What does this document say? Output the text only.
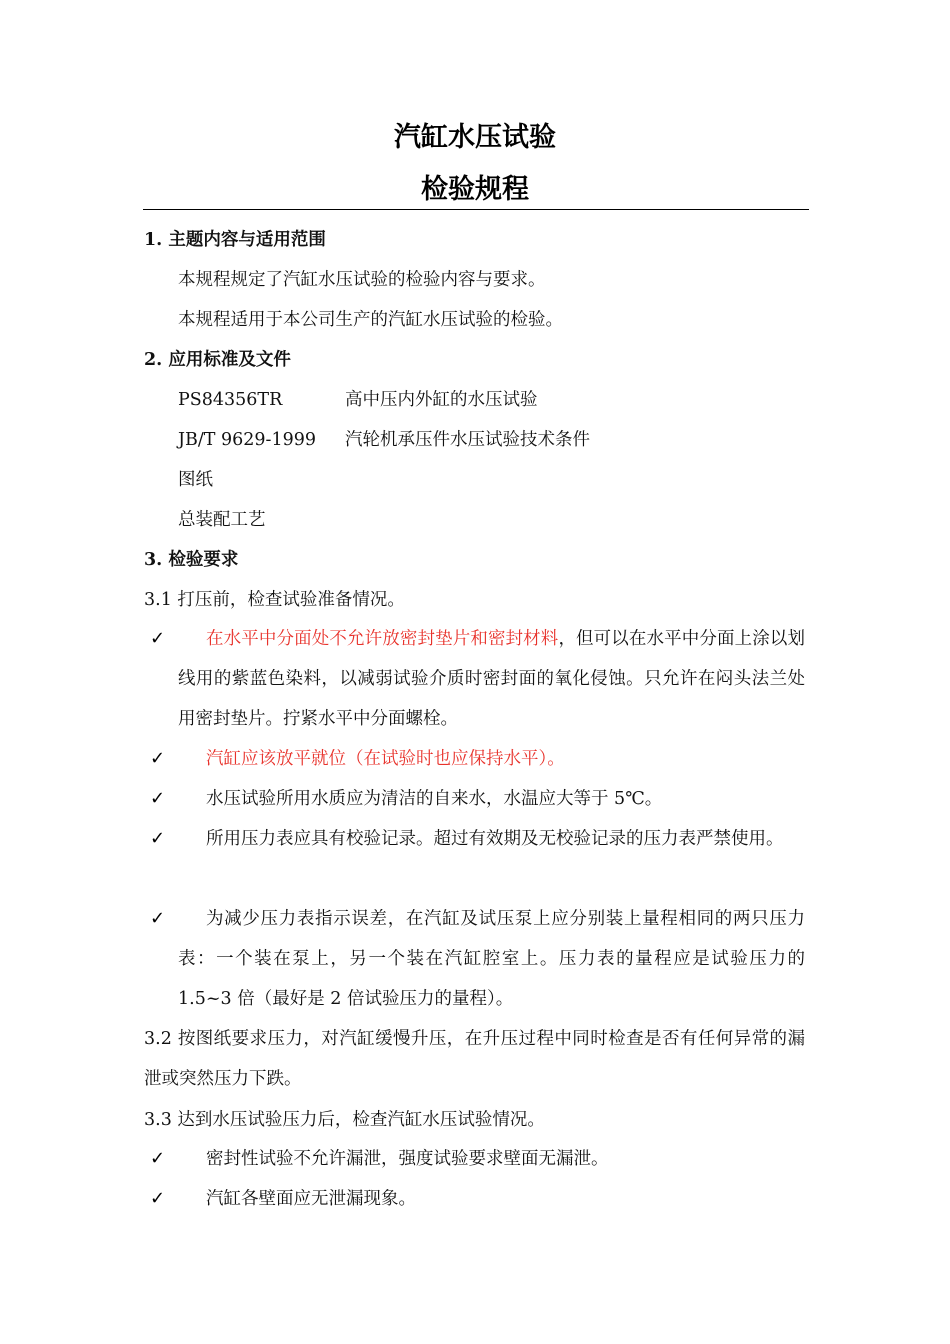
汽缸水压试验
检验规程
1. 主题内容与适用范围
本规程规定了汽缸水压试验的检验内容与要求。
本规程适用于本公司生产的汽缸水压试验的检验。
2. 应用标准及文件
PS84356TR	高中压内外缸的水压试验
JB/T 9629-1999 汽轮机承压件水压试验技术条件
图纸
总装配工艺
3. 检验要求
3.1 打压前，检查试验准备情况。
✓	在水平中分面处不允许放密封垫片和密封材料，但可以在水平中分面上涂以划线用的紫蓝色染料，以减弱试验介质时密封面的氧化侵蚀。只允许在闷头法兰处用密封垫片。拧紧水平中分面螺栓。
✓	汽缸应该放平就位（在试验时也应保持水平）。
✓	水压试验所用水质应为清洁的自来水，水温应大等于 5℃。
✓	所用压力表应具有校验记录。超过有效期及无校验记录的压力表严禁使用。
✓	为减少压力表指示误差，在汽缸及试压泵上应分别装上量程相同的两只压力表：一个装在泵上，另一个装在汽缸腔室上。压力表的量程应是试验压力的 1.5~3 倍（最好是 2 倍试验压力的量程）。
3.2 按图纸要求压力，对汽缸缓慢升压，在升压过程中同时检查是否有任何异常的漏泄或突然压力下跌。
3.3 达到水压试验压力后，检查汽缸水压试验情况。
✓ 密封性试验不允许漏泄，强度试验要求壁面无漏泄。
✓ 汽缸各壁面应无泄漏现象。
